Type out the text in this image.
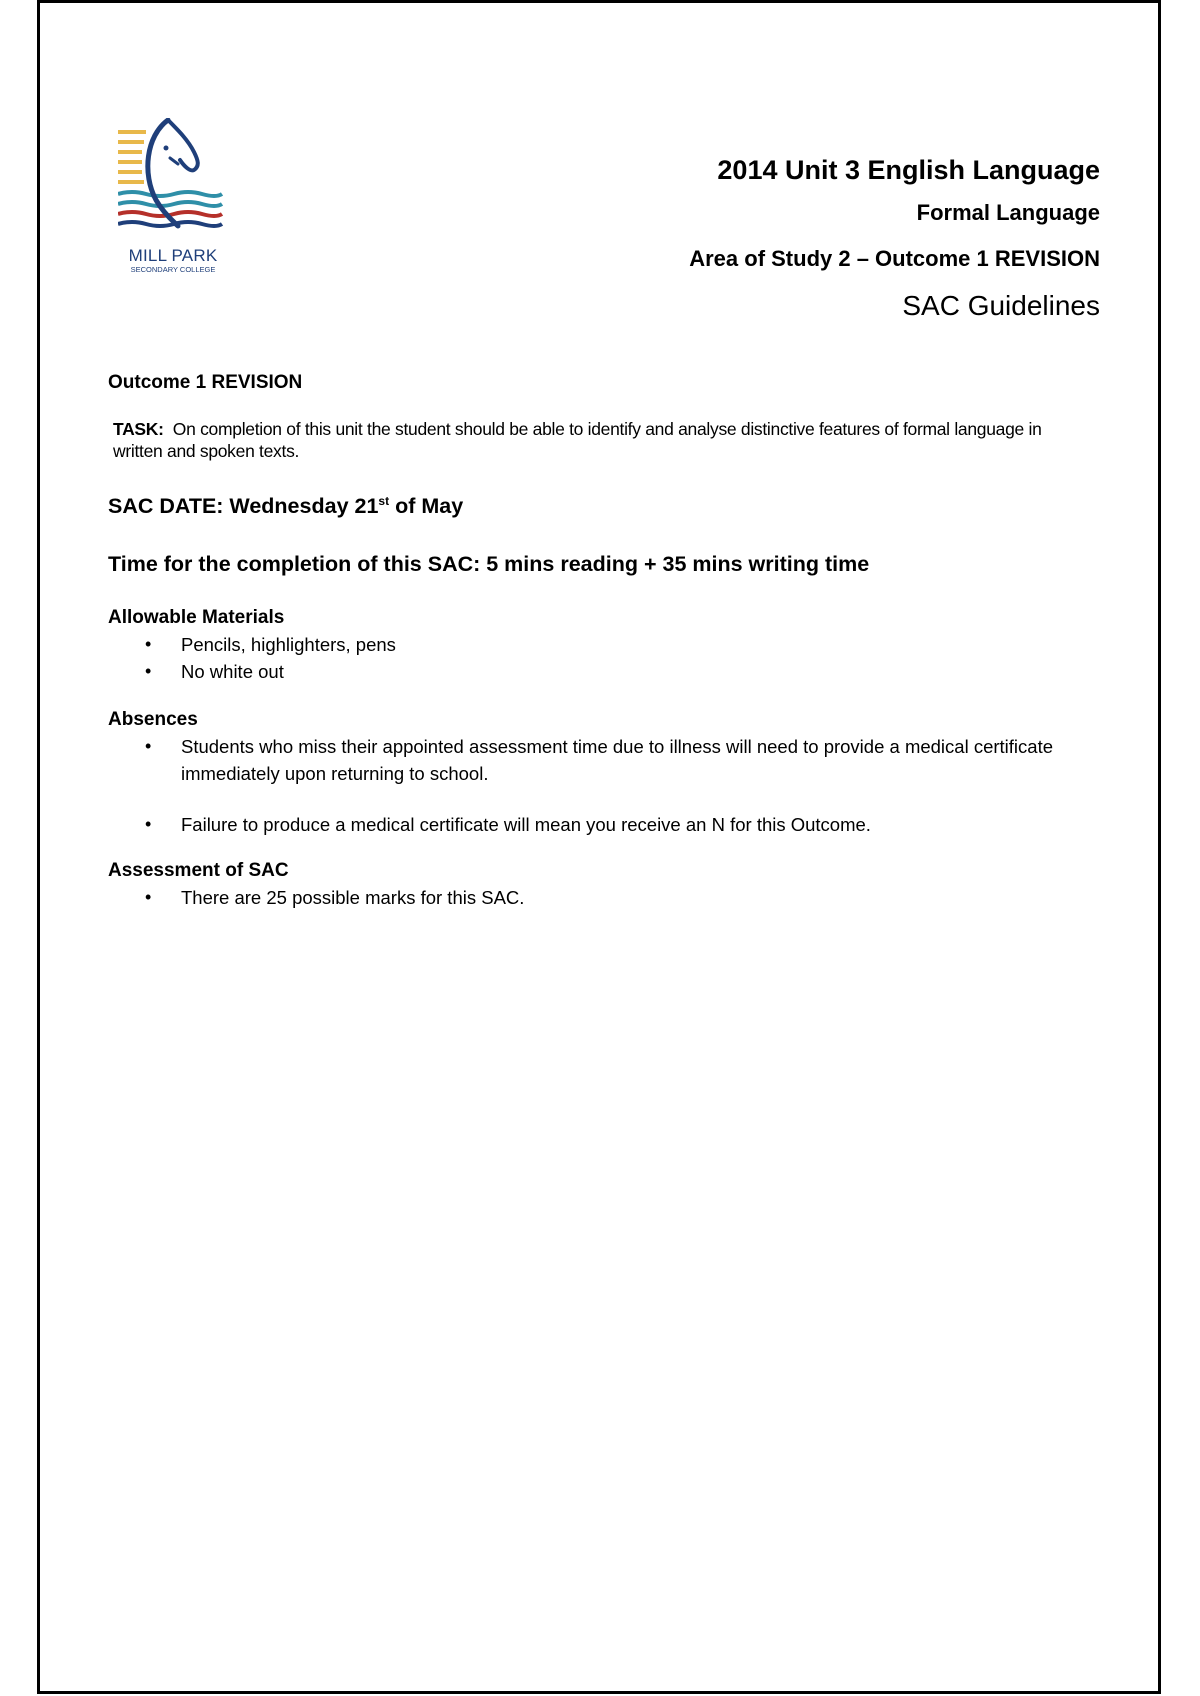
MILL PARK
SECONDARY COLLEGE
2014 Unit 3 English Language
Formal Language
Area of Study 2 – Outcome 1 REVISION
SAC Guidelines
Outcome 1 REVISION
TASK: On completion of this unit the student should be able to identify and analyse distinctive features of formal language in written and spoken texts.
SAC DATE: Wednesday 21st of May
Time for the completion of this SAC: 5 mins reading + 35 mins writing time
Allowable Materials
• Pencils, highlighters, pens
• No white out
Absences
• Students who miss their appointed assessment time due to illness will need to provide a medical certificate immediately upon returning to school.
• Failure to produce a medical certificate will mean you receive an N for this Outcome.
Assessment of SAC
• There are 25 possible marks for this SAC.
